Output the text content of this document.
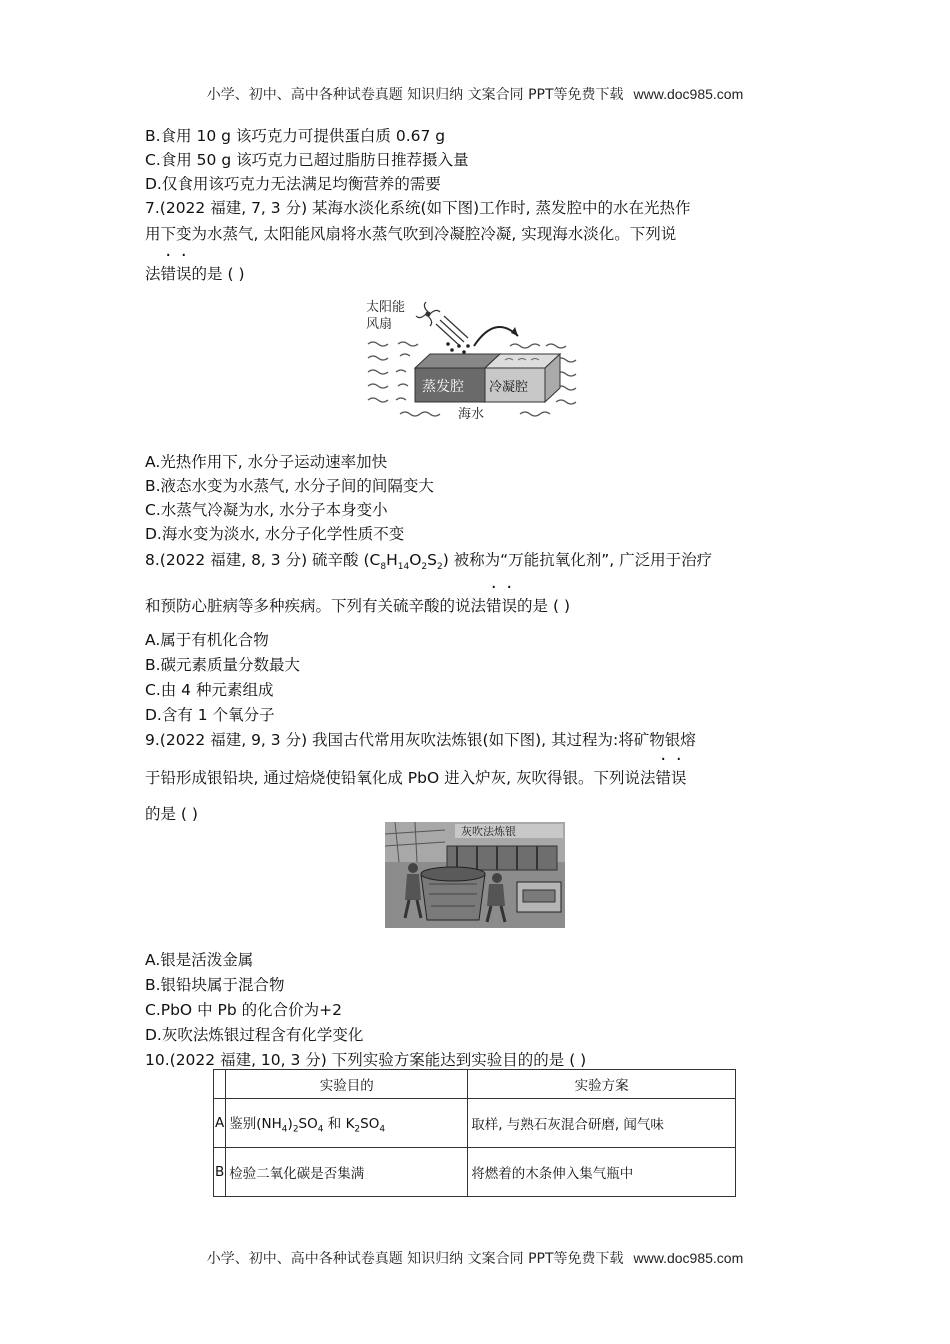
小学、初中、高中各种试卷真题 知识归纳 文案合同 PPT等免费下载 www.doc985.com
B.食用 10 g 该巧克力可提供蛋白质 0.67 g
C.食用 50 g 该巧克力已超过脂肪日推荐摄入量
D.仅食用该巧克力无法满足均衡营养的需要
7.(2022 福建, 7, 3 分) 某海水淡化系统(如下图)工作时, 蒸发腔中的水在光热作
用下变为水蒸气, 太阳能风扇将水蒸气吹到冷凝腔冷凝, 实现海水淡化。下列说
法错误的是 ( )
太阳能
风扇
蒸发腔 冷凝腔
海水
A.光热作用下, 水分子运动速率加快
B.液态水变为水蒸气, 水分子间的间隔变大
C.水蒸气冷凝为水, 水分子本身变小
D.海水变为淡水, 水分子化学性质不变
8.(2022 福建, 8, 3 分) 硫辛酸 $(C_8H_{14}O_2S_2)$ 被称为“万能抗氧化剂”, 广泛用于治疗
和预防心脏病等多种疾病。下列有关硫辛酸的说法错误的是 ( )
A.属于有机化合物
B.碳元素质量分数最大
C.由 4 种元素组成
D.含有 1 个氧分子
9.(2022 福建, 9, 3 分) 我国古代常用灰吹法炼银(如下图), 其过程为:将矿物银熔
于铅形成银铅块, 通过焙烧使铅氧化成 PbO 进入炉灰, 灰吹得银。下列说法错误
的是 ( )
灰吹法炼银
A.银是活泼金属
B.银铅块属于混合物
C.PbO 中 Pb 的化合价为+2
D.灰吹法炼银过程含有化学变化
10.(2022 福建, 10, 3 分) 下列实验方案能达到实验目的的是 ( )
	实验目的	实验方案
A	鉴别$(NH_4)_2SO_4$ 和 $K_2SO_4$	取样, 与熟石灰混合研磨, 闻气味
B	检验二氧化碳是否集满	将燃着的木条伸入集气瓶中
小学、初中、高中各种试卷真题 知识归纳 文案合同 PPT等免费下载 www.doc985.com
